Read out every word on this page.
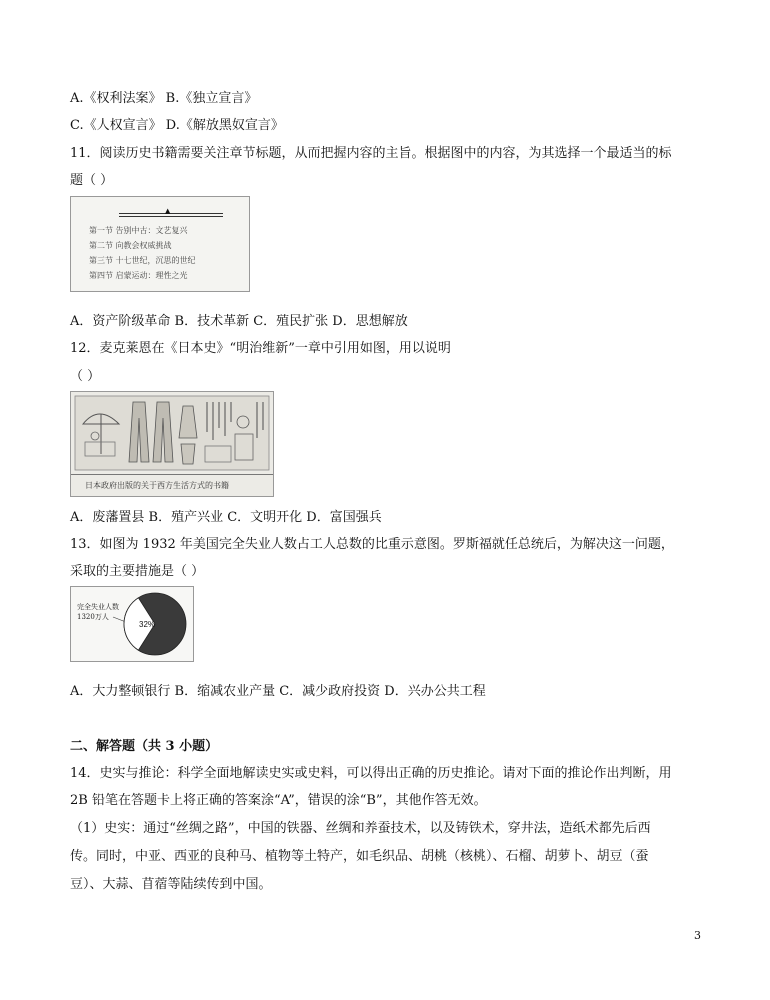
A.《权利法案》 B.《独立宣言》
C.《人权宣言》 D.《解放黑奴宣言》
11．阅读历史书籍需要关注章节标题，从而把握内容的主旨。根据图中的内容，为其选择一个最适当的标
题（ ）
▲
第一节 告别中古：文艺复兴
第二节 向教会权威挑战
第三节 十七世纪，沉思的世纪
第四节 启蒙运动：理性之光
A．资产阶级革命 B．技术革新 C．殖民扩张 D．思想解放
12．麦克莱恩在《日本史》“明治维新”一章中引用如图，用以说明
（ ）
日本政府出版的关于西方生活方式的书籍
A．废藩置县 B．殖产兴业 C．文明开化 D．富国强兵
13．如图为 1932 年美国完全失业人数占工人总数的比重示意图。罗斯福就任总统后，为解决这一问题，
采取的主要措施是（ ）
完全失业人数
1320万人
32%
A．大力整顿银行 B．缩减农业产量 C．减少政府投资 D．兴办公共工程
二、解答题（共 3 小题）
14．史实与推论：科学全面地解读史实或史料，可以得出正确的历史推论。请对下面的推论作出判断，用
2B 铅笔在答题卡上将正确的答案涂“A”，错误的涂“B”，其他作答无效。
（1）史实：通过“丝绸之路”，中国的铁器、丝绸和养蚕技术，以及铸铁术，穿井法，造纸术都先后西
传。同时，中亚、西亚的良种马、植物等土特产，如毛织品、胡桃（核桃）、石榴、胡萝卜、胡豆（蚕
豆）、大蒜、苜蓿等陆续传到中国。
3
